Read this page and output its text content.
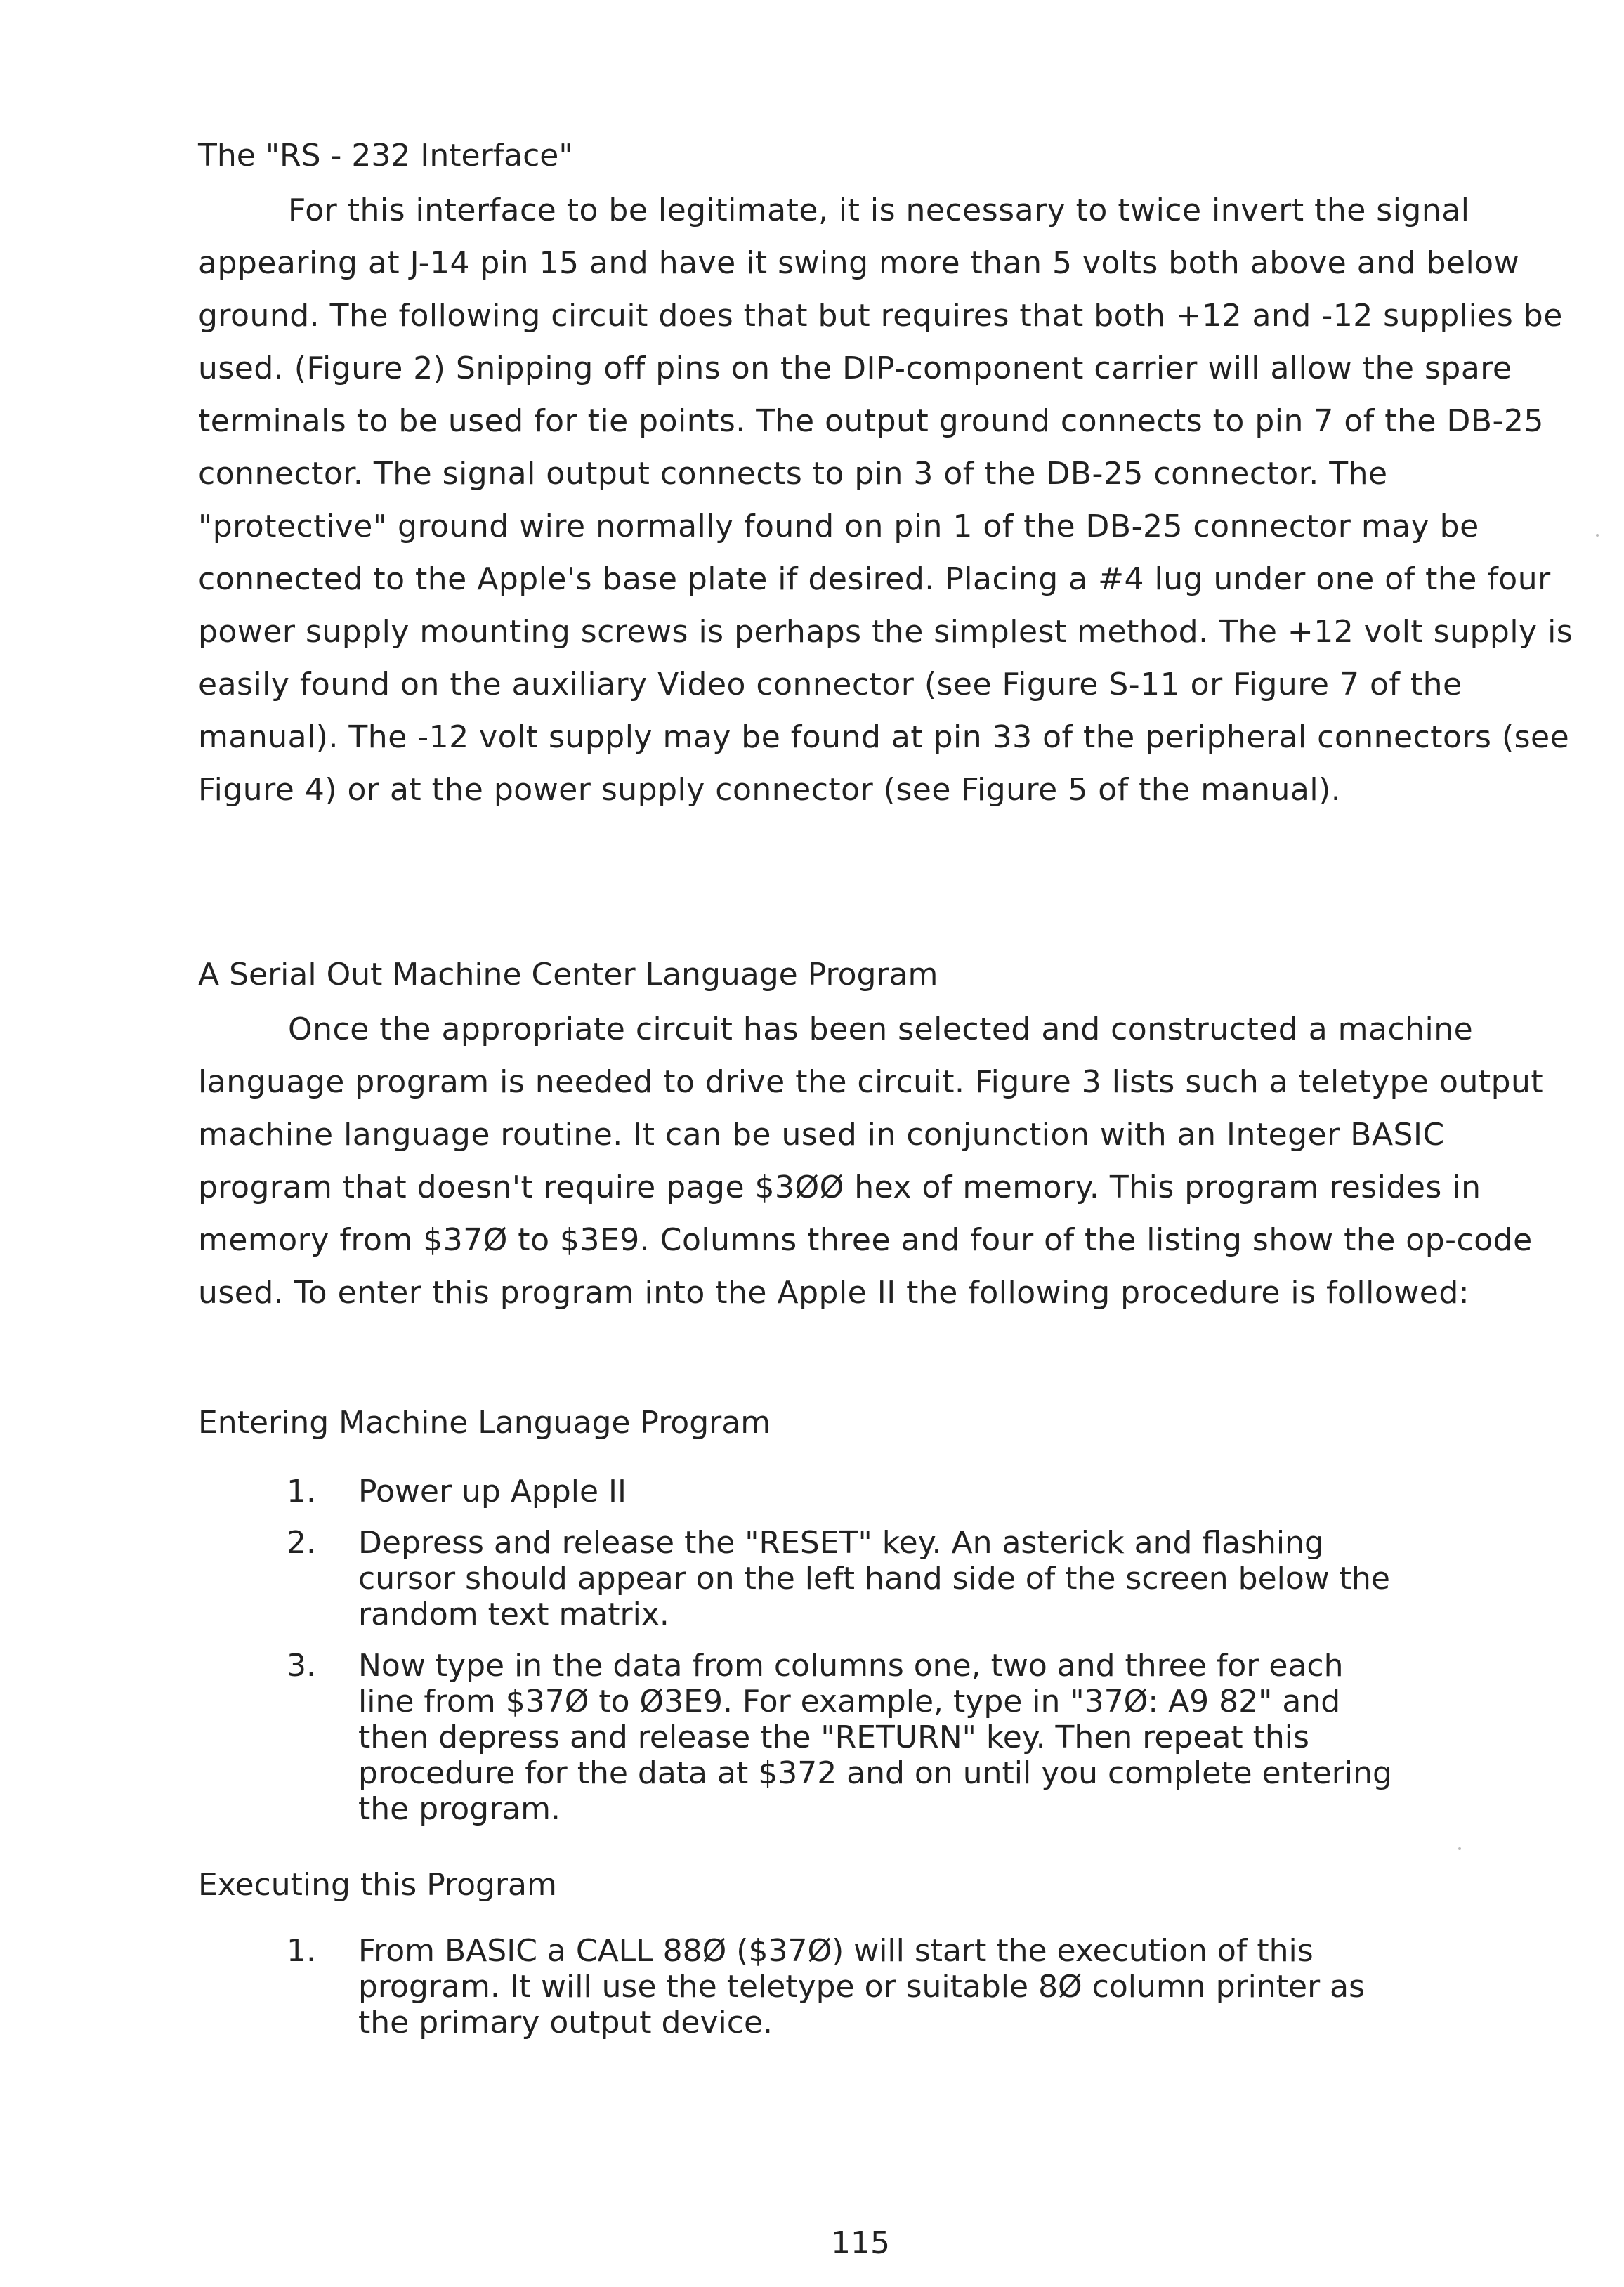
The "RS - 232 Interface"

For this interface to be legitimate, it is necessary to twice invert the signal appearing at J-14 pin 15 and have it swing more than 5 volts both above and below ground. The following circuit does that but requires that both +12 and -12 supplies be used. (Figure 2) Snipping off pins on the DIP-component carrier will allow the spare terminals to be used for tie points. The output ground connects to pin 7 of the DB-25 connector. The signal output connects to pin 3 of the DB-25 connector. The "protective" ground wire normally found on pin 1 of the DB-25 connector may be connected to the Apple's base plate if desired. Placing a #4 lug under one of the four power supply mounting screws is perhaps the simplest method. The +12 volt supply is easily found on the auxiliary Video connector (see Figure S-11 or Figure 7 of the manual). The -12 volt supply may be found at pin 33 of the peripheral connectors (see Figure 4) or at the power supply connector (see Figure 5 of the manual).

A Serial Out Machine Center Language Program

Once the appropriate circuit has been selected and constructed a machine language program is needed to drive the circuit. Figure 3 lists such a teletype output machine language routine. It can be used in conjunction with an Integer BASIC program that doesn't require page $3ØØ hex of memory. This program resides in memory from $37Ø to $3E9. Columns three and four of the listing show the op-code used. To enter this program into the Apple II the following procedure is followed:

Entering Machine Language Program
1.	Power up Apple II
2.	Depress and release the "RESET" key. An asterick and flashing cursor should appear on the left hand side of the screen below the random text matrix.
3.	Now type in the data from columns one, two and three for each line from $37Ø to Ø3E9. For example, type in "37Ø: A9 82" and then depress and release the "RETURN" key. Then repeat this procedure for the data at $372 and on until you complete entering the program.
Executing this Program
1.	From BASIC a CALL 88Ø ($37Ø) will start the execution of this program. It will use the teletype or suitable 8Ø column printer as the primary output device.
115
